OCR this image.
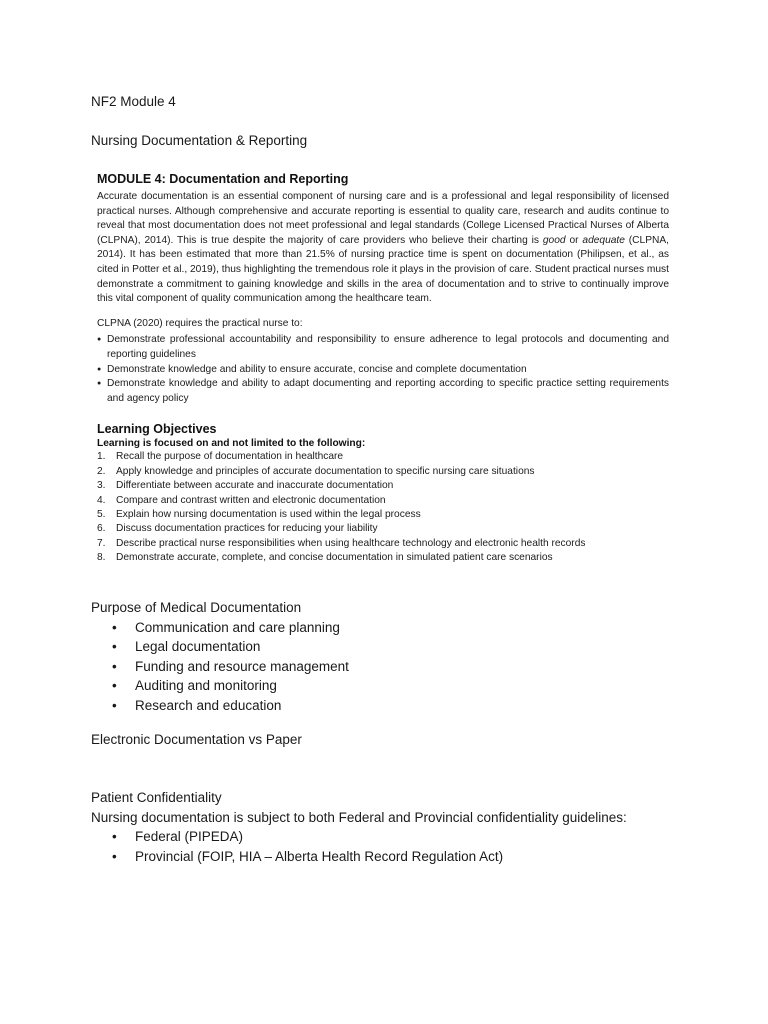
NF2 Module 4
Nursing Documentation & Reporting
MODULE 4: Documentation and Reporting

Accurate documentation is an essential component of nursing care and is a professional and legal responsibility of licensed practical nurses. Although comprehensive and accurate reporting is essential to quality care, research and audits continue to reveal that most documentation does not meet professional and legal standards (College Licensed Practical Nurses of Alberta (CLPNA), 2014). This is true despite the majority of care providers who believe their charting is good or adequate (CLPNA, 2014). It has been estimated that more than 21.5% of nursing practice time is spent on documentation (Philipsen, et al., as cited in Potter et al., 2019), thus highlighting the tremendous role it plays in the provision of care. Student practical nurses must demonstrate a commitment to gaining knowledge and skills in the area of documentation and to strive to continually improve this vital component of quality communication among the healthcare team.

CLPNA (2020) requires the practical nurse to:

● Demonstrate professional accountability and responsibility to ensure adherence to legal protocols and documenting and reporting guidelines
● Demonstrate knowledge and ability to ensure accurate, concise and complete documentation
● Demonstrate knowledge and ability to adapt documenting and reporting according to specific practice setting requirements and agency policy
Learning Objectives
Learning is focused on and not limited to the following:
1. Recall the purpose of documentation in healthcare
2. Apply knowledge and principles of accurate documentation to specific nursing care situations
3. Differentiate between accurate and inaccurate documentation
4. Compare and contrast written and electronic documentation
5. Explain how nursing documentation is used within the legal process
6. Discuss documentation practices for reducing your liability
7. Describe practical nurse responsibilities when using healthcare technology and electronic health records
8. Demonstrate accurate, complete, and concise documentation in simulated patient care scenarios
Purpose of Medical Documentation
• Communication and care planning
• Legal documentation
• Funding and resource management
• Auditing and monitoring
• Research and education
Electronic Documentation vs Paper
Patient Confidentiality
Nursing documentation is subject to both Federal and Provincial confidentiality guidelines:
• Federal (PIPEDA)
• Provincial (FOIP, HIA – Alberta Health Record Regulation Act)
